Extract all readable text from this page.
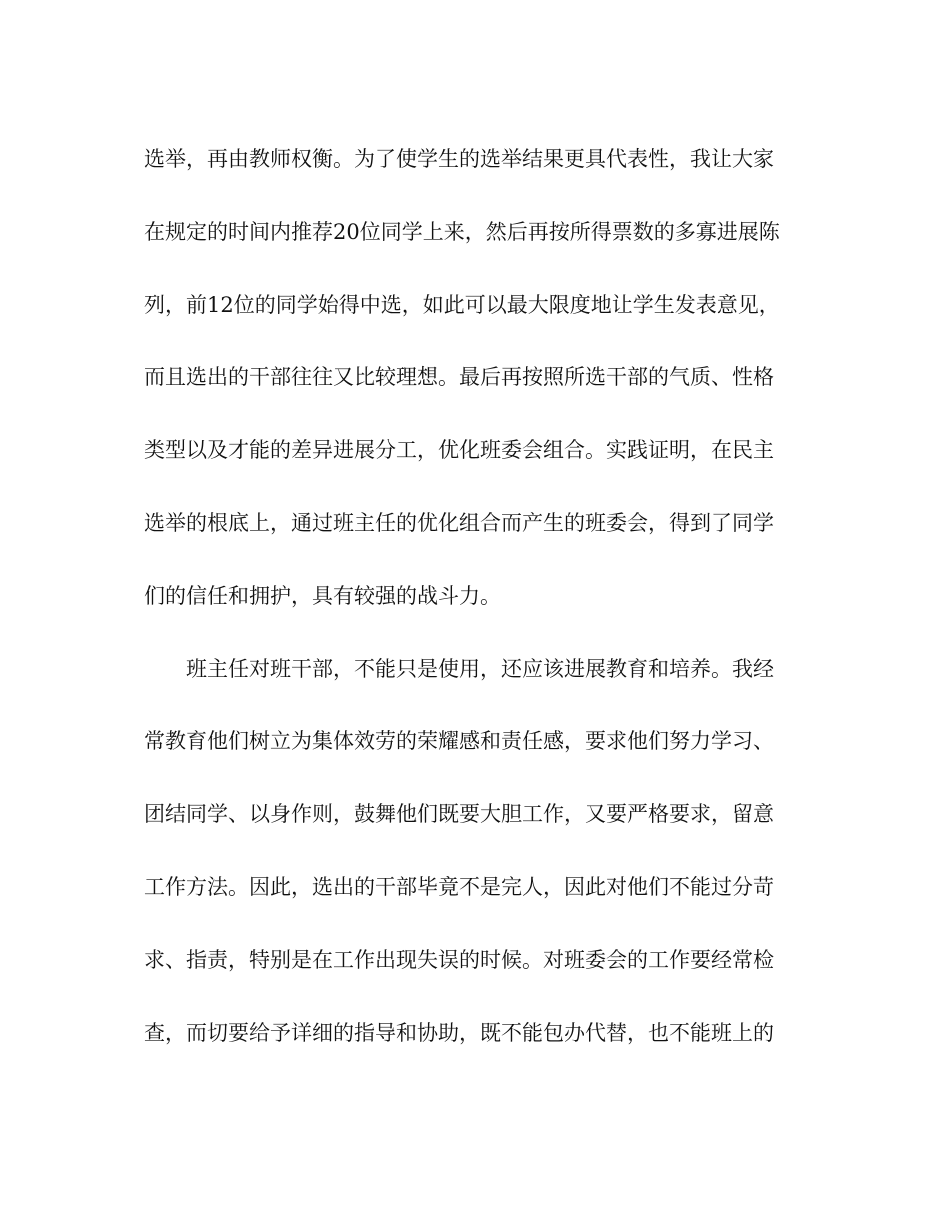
选举，再由教师权衡。为了使学生的选举结果更具代表性，我让大家
在规定的时间内推荐20位同学上来，然后再按所得票数的多寡进展陈
列，前12位的同学始得中选，如此可以最大限度地让学生发表意见，
而且选出的干部往往又比较理想。最后再按照所选干部的气质、性格
类型以及才能的差异进展分工，优化班委会组合。实践证明，在民主
选举的根底上，通过班主任的优化组合而产生的班委会，得到了同学
们的信任和拥护，具有较强的战斗力。
班主任对班干部，不能只是使用，还应该进展教育和培养。我经
常教育他们树立为集体效劳的荣耀感和责任感，要求他们努力学习、
团结同学、以身作则，鼓舞他们既要大胆工作，又要严格要求，留意
工作方法。因此，选出的干部毕竟不是完人，因此对他们不能过分苛
求、指责，特别是在工作出现失误的时候。对班委会的工作要经常检
查，而切要给予详细的指导和协助，既不能包办代替，也不能班上的
